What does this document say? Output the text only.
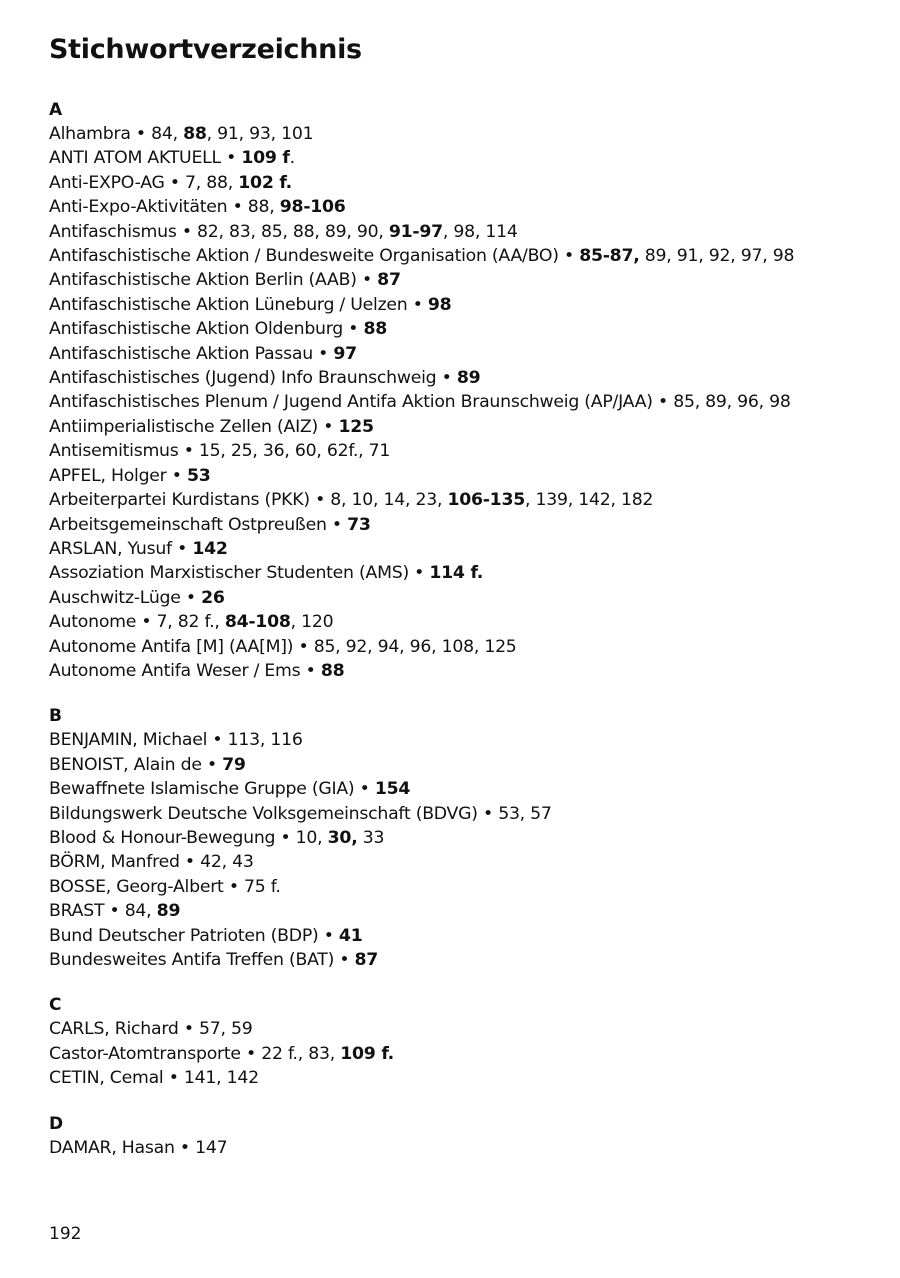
Stichwortverzeichnis
A
Alhambra • 84, 88, 91, 93, 101
ANTI ATOM AKTUELL • 109 f.
Anti-EXPO-AG • 7, 88, 102 f.
Anti-Expo-Aktivitäten • 88, 98-106
Antifaschismus • 82, 83, 85, 88, 89, 90, 91-97, 98, 114
Antifaschistische Aktion / Bundesweite Organisation (AA/BO) • 85-87, 89, 91, 92, 97, 98
Antifaschistische Aktion Berlin (AAB) • 87
Antifaschistische Aktion Lüneburg / Uelzen • 98
Antifaschistische Aktion Oldenburg • 88
Antifaschistische Aktion Passau • 97
Antifaschistisches (Jugend) Info Braunschweig • 89
Antifaschistisches Plenum / Jugend Antifa Aktion Braunschweig (AP/JAA) • 85, 89, 96, 98
Antiimperialistische Zellen (AIZ) • 125
Antisemitismus • 15, 25, 36, 60, 62f., 71
APFEL, Holger • 53
Arbeiterpartei Kurdistans (PKK) • 8, 10, 14, 23, 106-135, 139, 142, 182
Arbeitsgemeinschaft Ostpreußen • 73
ARSLAN, Yusuf • 142
Assoziation Marxistischer Studenten (AMS) • 114 f.
Auschwitz-Lüge • 26
Autonome • 7, 82 f., 84-108, 120
Autonome Antifa [M] (AA[M]) • 85, 92, 94, 96, 108, 125
Autonome Antifa Weser / Ems • 88
B
BENJAMIN, Michael • 113, 116
BENOIST, Alain de • 79
Bewaffnete Islamische Gruppe (GIA) • 154
Bildungswerk Deutsche Volksgemeinschaft (BDVG) • 53, 57
Blood & Honour-Bewegung • 10, 30, 33
BÖRM, Manfred • 42, 43
BOSSE, Georg-Albert • 75 f.
BRAST • 84, 89
Bund Deutscher Patrioten (BDP) • 41
Bundesweites Antifa Treffen (BAT) • 87
C
CARLS, Richard • 57, 59
Castor-Atomtransporte • 22 f., 83, 109 f.
CETIN, Cemal • 141, 142
D
DAMAR, Hasan • 147
192
